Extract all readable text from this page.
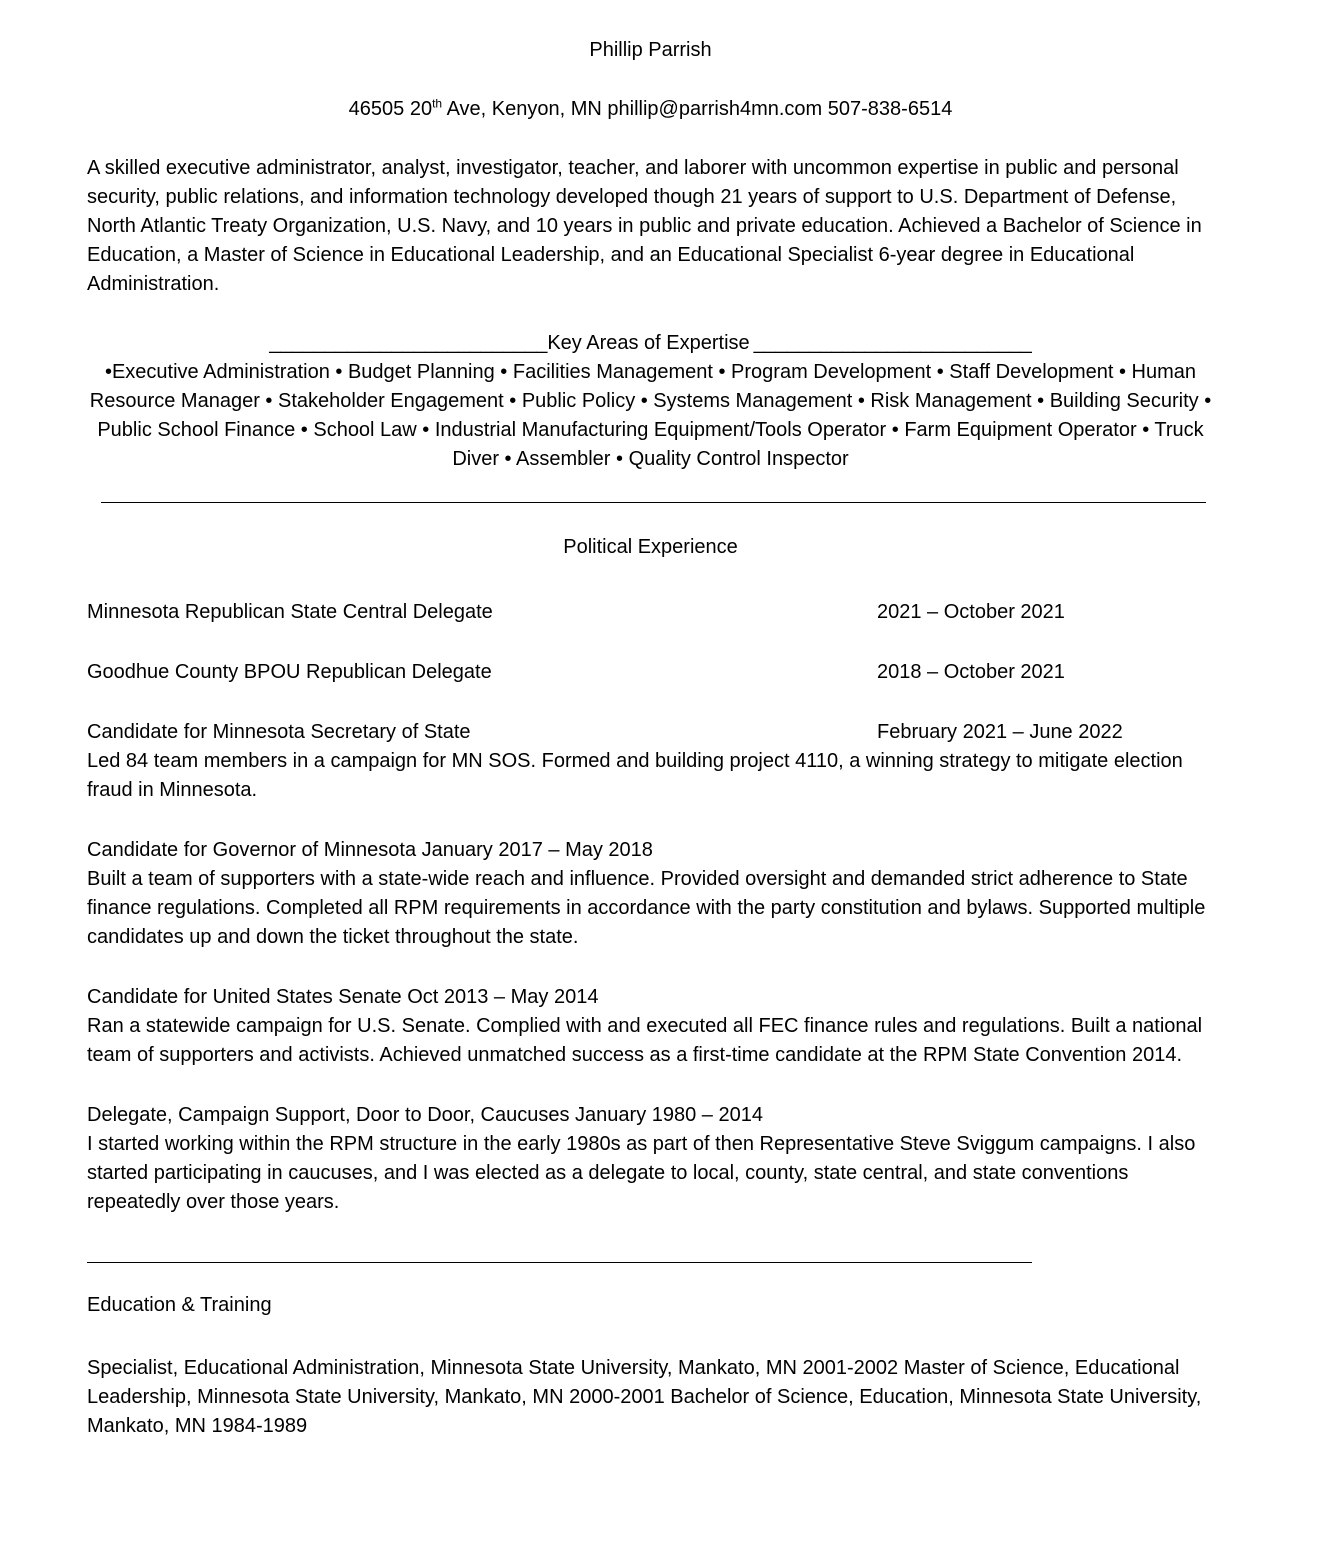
Phillip Parrish

46505 20th Ave, Kenyon, MN phillip@parrish4mn.com 507-838-6514

A skilled executive administrator, analyst, investigator, teacher, and laborer with uncommon expertise in public and personal security, public relations, and information technology developed though 21 years of support to U.S. Department of Defense, North Atlantic Treaty Organization, U.S. Navy, and 10 years in public and private education. Achieved a Bachelor of Science in Education, a Master of Science in Educational Leadership, and an Educational Specialist 6-year degree in Educational Administration.

_________________________Key Areas of Expertise _________________________

•Executive Administration • Budget Planning • Facilities Management • Program Development • Staff Development • Human Resource Manager • Stakeholder Engagement • Public Policy • Systems Management • Risk Management • Building Security • Public School Finance • School Law • Industrial Manufacturing Equipment/Tools Operator • Farm Equipment Operator • Truck Diver • Assembler • Quality Control Inspector

Political Experience
Minnesota Republican State Central Delegate	2021 – October 2021
Goodhue County BPOU Republican Delegate	2018 – October 2021
Candidate for Minnesota Secretary of State	February 2021 – June 2022

Led 84 team members in a campaign for MN SOS. Formed and building project 4110, a winning strategy to mitigate election fraud in Minnesota.

Candidate for Governor of Minnesota January 2017 – May 2018

Built a team of supporters with a state-wide reach and influence. Provided oversight and demanded strict adherence to State finance regulations. Completed all RPM requirements in accordance with the party constitution and bylaws. Supported multiple candidates up and down the ticket throughout the state.

Candidate for United States Senate Oct 2013 – May 2014

Ran a statewide campaign for U.S. Senate. Complied with and executed all FEC finance rules and regulations. Built a national team of supporters and activists. Achieved unmatched success as a first-time candidate at the RPM State Convention 2014.

Delegate, Campaign Support, Door to Door, Caucuses January 1980 – 2014

I started working within the RPM structure in the early 1980s as part of then Representative Steve Sviggum campaigns. I also started participating in caucuses, and I was elected as a delegate to local, county, state central, and state conventions repeatedly over those years.

Education & Training

Specialist, Educational Administration, Minnesota State University, Mankato, MN 2001-2002 Master of Science, Educational Leadership, Minnesota State University, Mankato, MN 2000-2001 Bachelor of Science, Education, Minnesota State University, Mankato, MN 1984-1989
